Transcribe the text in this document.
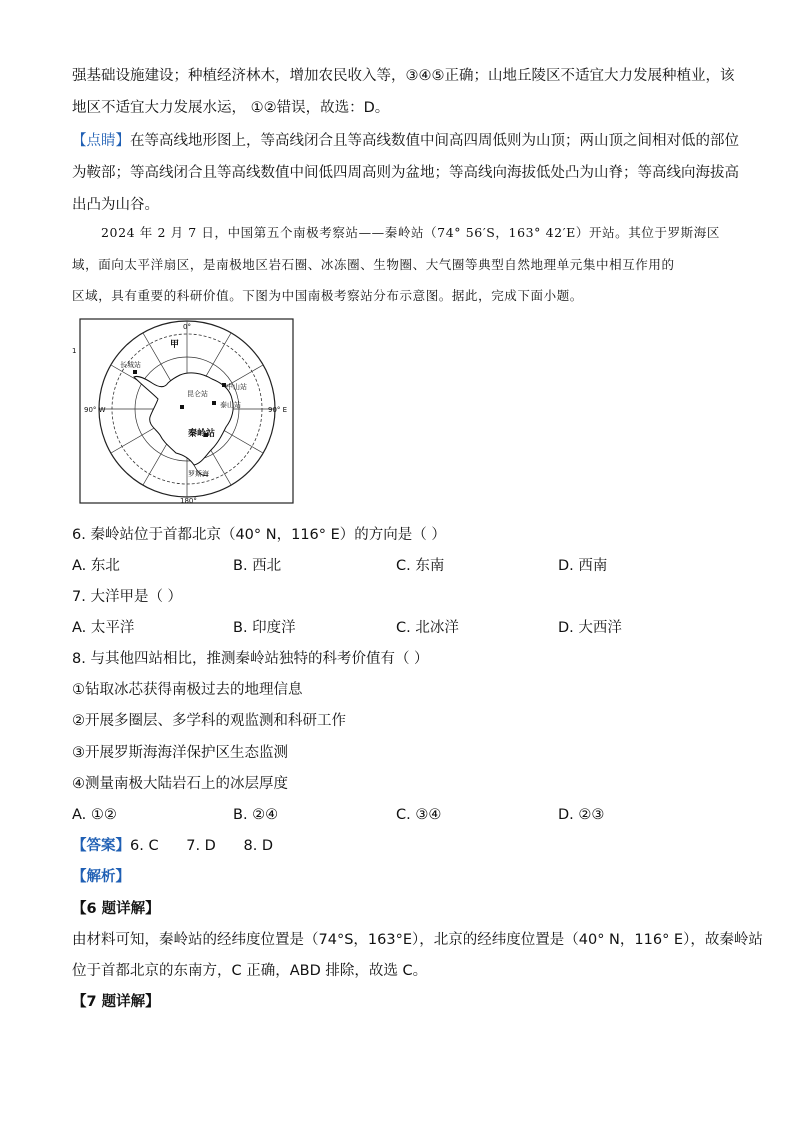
强基础设施建设；种植经济林木，增加农民收入等，③④⑤正确；山地丘陵区不适宜大力发展种植业，该
地区不适宜大力发展水运， ①②错误，故选：D。
【点睛】在等高线地形图上，等高线闭合且等高线数值中间高四周低则为山顶；两山顶之间相对低的部位
为鞍部；等高线闭合且等高线数值中间低四周高则为盆地；等高线向海拔低处凸为山脊；等高线向海拔高
出凸为山谷。
2024 年 2 月 7 日，中国第五个南极考察站——秦岭站（74° 56′S，163° 42′E）开站。其位于罗斯海区
域，面向太平洋扇区，是南极地区岩石圈、冰冻圈、生物圈、大气圈等典型自然地理单元集中相互作用的
区域，具有重要的科研价值。下图为中国南极考察站分布示意图。据此，完成下面小题。
1
0°
90° W	90° E
180°
甲
长城站
中山站
昆仑站
泰山站
秦岭站
罗斯海
6. 秦岭站位于首都北京（40° N，116° E）的方向是（ ）
A. 东北	B. 西北	C. 东南	D. 西南
7. 大洋甲是（ ）
A. 太平洋	B. 印度洋	C. 北冰洋	D. 大西洋
8. 与其他四站相比，推测秦岭站独特的科考价值有（ ）
①钻取冰芯获得南极过去的地理信息
②开展多圈层、多学科的观监测和科研工作
③开展罗斯海海洋保护区生态监测
④测量南极大陆岩石上的冰层厚度
A. ①②	B. ②④	C. ③④	D. ②③
【答案】6. C      7. D      8. D
【解析】
【6 题详解】
由材料可知，秦岭站的经纬度位置是（74°S，163°E），北京的经纬度位置是（40° N，116° E），故秦岭站
位于首都北京的东南方，C 正确，ABD 排除，故选 C。
【7 题详解】
